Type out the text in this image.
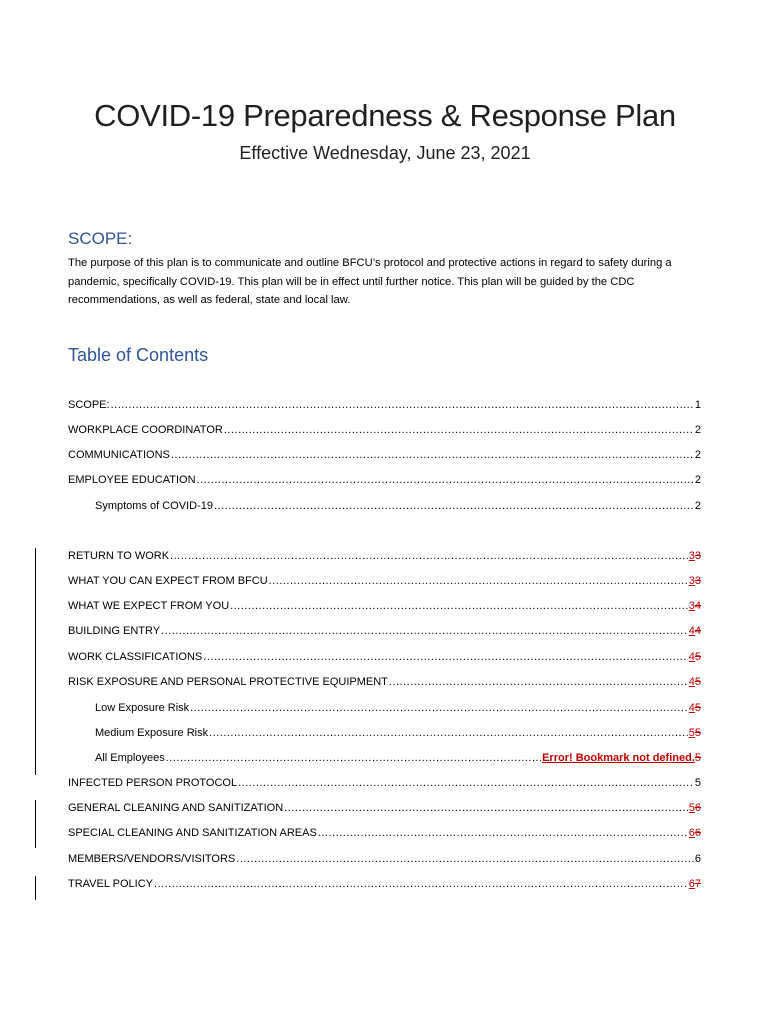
COVID-19 Preparedness & Response Plan
Effective Wednesday, June 23, 2021
SCOPE:
The purpose of this plan is to communicate and outline BFCU’s protocol and protective actions in regard to safety during a pandemic, specifically COVID-19. This plan will be in effect until further notice. This plan will be guided by the CDC recommendations, as well as federal, state and local law.
Table of Contents
SCOPE: .....	1
WORKPLACE COORDINATOR .....	2
COMMUNICATIONS .....	2
EMPLOYEE EDUCATION .....	2
Symptoms of COVID-19 .....	2
RETURN TO WORK .....	33
WHAT YOU CAN EXPECT FROM BFCU .....	33
WHAT WE EXPECT FROM YOU .....	34
BUILDING ENTRY .....	44
WORK CLASSIFICATIONS .....	45
RISK EXPOSURE AND PERSONAL PROTECTIVE EQUIPMENT .....	45
Low Exposure Risk .....	45
Medium Exposure Risk .....	55
All Employees .....	Error! Bookmark not defined.5
INFECTED PERSON PROTOCOL .....	5
GENERAL CLEANING AND SANITIZATION .....	56
SPECIAL CLEANING AND SANITIZATION AREAS .....	66
MEMBERS/VENDORS/VISITORS .....	6
TRAVEL POLICY .....	67
